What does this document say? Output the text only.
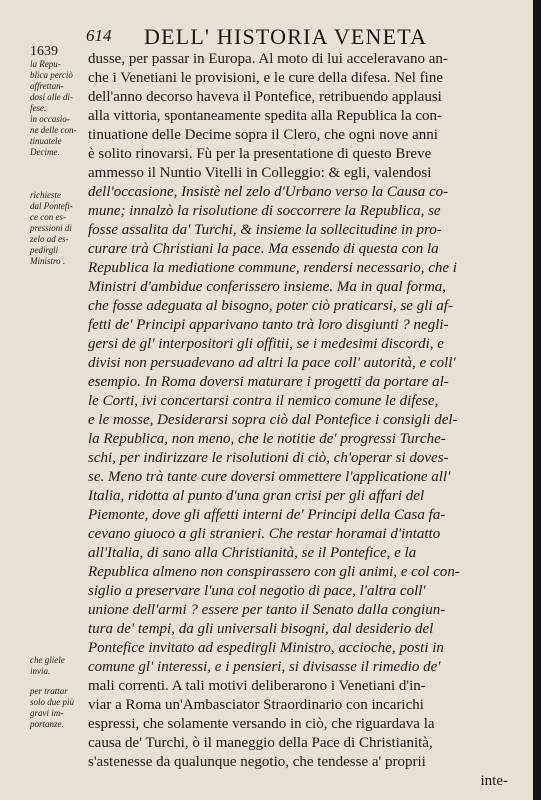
614 DELL' HISTORIA VENETA
1639
la Repu-
blica perciò
affrettan-
dosi alle di-
fese.
in occasio-
ne delle con-
tinuatele
Decime.
richieste
dal Pontefi-
ce con es-
pressioni di
zelo ad es-
pedirgli
Ministro .
che gliele
invia.
per trattar
solo due più
gravi im-
portanze.
dusse, per passar in Europa. Al moto di lui acceleravano an-
che i Venetiani le provisioni, e le cure della difesa. Nel fine
dell'anno decorso haveva il Pontefice, retribuendo applausi
alla vittoria, spontaneamente spedita alla Republica la con-
tinuatione delle Decime sopra il Clero, che ogni nove anni
è solito rinovarsi. Fù per la presentatione di questo Breve
ammesso il Nuntio Vitelli in Colleggio: & egli, valendosi
dell'occasione, Insistè nel zelo d'Urbano verso la Causa co-
mune; innalzò la risolutione di soccorrere la Republica, se
fosse assalita da' Turchi, & insieme la sollecitudine in pro-
curare trà Christiani la pace. Ma essendo di questa con la
Republica la mediatione commune, rendersi necessario, che i
Ministri d'ambidue conferissero insieme. Ma in qual forma,
che fosse adeguata al bisogno, poter ciò praticarsi, se gli af-
fetti de' Principi apparivano tanto trà loro disgiunti ? negli-
gersi de gl' interpositori gli offitii, se i medesimi discordi, e
divisi non persuadevano ad altri la pace coll' autorità, e coll'
esempio. In Roma doversi maturare i progetti da portare al-
le Corti, ivi concertarsi contra il nemico comune le difese,
e le mosse, Desiderarsi sopra ciò dal Pontefice i consigli del-
la Republica, non meno, che le notitie de' progressi Turche-
schi, per indirizzare le risolutioni di ciò, ch'operar si doves-
se. Meno trà tante cure doversi ommettere l'applicatione all'
Italia, ridotta al punto d'una gran crisi per gli affari del
Piemonte, dove gli affetti interni de' Principi della Casa fa-
cevano giuoco a gli stranieri. Che restar horamai d'intatto
all'Italia, di sano alla Christianità, se il Pontefice, e la
Republica almeno non conspirassero con gli animi, e col con-
siglio a preservare l'una col negotio di pace, l'altra coll'
unione dell'armi ? essere per tanto il Senato dalla congiun-
tura de' tempi, da gli universali bisogni, dal desiderio del
Pontefice invitato ad espedirgli Ministro, accioche, posti in
comune gl' interessi, e i pensieri, si divisasse il rimedio de'
mali correnti. A tali motivi deliberarono i Venetiani d'in-
viar a Roma un'Ambasciator Straordinario con incarichi
espressi, che solamente versando in ciò, che riguardava la
causa de' Turchi, ò il maneggio della Pace di Christianità,
s'astenesse da qualunque negotio, che tendesse a' proprii
inte-
